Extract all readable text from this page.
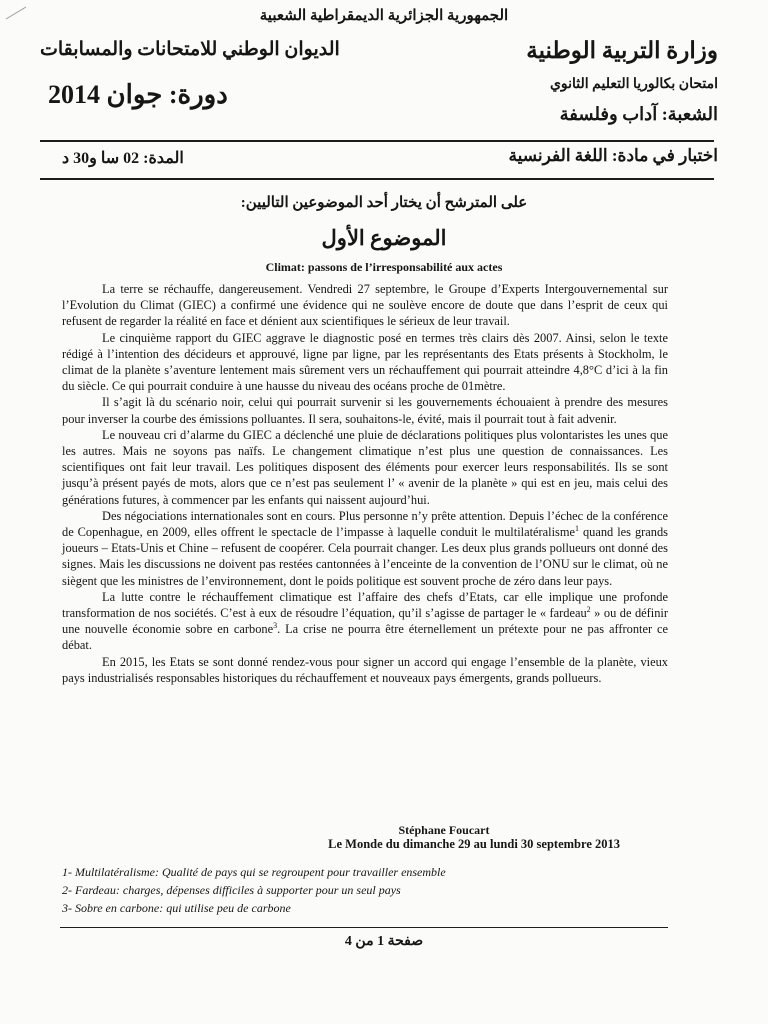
الجمهورية الجزائرية الديمقراطية الشعبية
وزارة التربية الوطنية
الديوان الوطني للامتحانات والمسابقات
امتحان بكالوريا التعليم الثانوي
دورة: جوان 2014
الشعبة: آداب وفلسفة
اختبار في مادة: اللغة الفرنسية
المدة: 02 سا و30 د
على المترشح أن يختار أحد الموضوعين التاليين:
الموضوع الأول
Climat: passons de l’irresponsabilité aux actes

La terre se réchauffe, dangereusement. Vendredi 27 septembre, le Groupe d’Experts Intergouvernemental sur l’Evolution du Climat (GIEC) a confirmé une évidence qui ne soulève encore de doute que dans l’esprit de ceux qui refusent de regarder la réalité en face et dénient aux scientifiques le sérieux de leur travail.

Le cinquième rapport du GIEC aggrave le diagnostic posé en termes très clairs dès 2007. Ainsi, selon le texte rédigé à l’intention des décideurs et approuvé, ligne par ligne, par les représentants des Etats présents à Stockholm, le climat de la planète s’aventure lentement mais sûrement vers un réchauffement qui pourrait atteindre 4,8°C d’ici à la fin du siècle. Ce qui pourrait conduire à une hausse du niveau des océans proche de 01mètre.

Il s’agit là du scénario noir, celui qui pourrait survenir si les gouvernements échouaient à prendre des mesures pour inverser la courbe des émissions polluantes. Il sera, souhaitons-le, évité, mais il pourrait tout à fait advenir.

Le nouveau cri d’alarme du GIEC a déclenché une pluie de déclarations politiques plus volontaristes les unes que les autres. Mais ne soyons pas naïfs. Le changement climatique n’est plus une question de connaissances. Les scientifiques ont fait leur travail. Les politiques disposent des éléments pour exercer leurs responsabilités. Ils se sont jusqu’à présent payés de mots, alors que ce n’est pas seulement l’ « avenir de la planète » qui est en jeu, mais celui des générations futures, à commencer par les enfants qui naissent aujourd’hui.

Des négociations internationales sont en cours. Plus personne n’y prête attention. Depuis l’échec de la conférence de Copenhague, en 2009, elles offrent le spectacle de l’impasse à laquelle conduit le multilatéralisme$^1$ quand les grands joueurs – Etats-Unis et Chine – refusent de coopérer. Cela pourrait changer. Les deux plus grands pollueurs ont donné des signes. Mais les discussions ne doivent pas restées cantonnées à l’enceinte de la convention de l’ONU sur le climat, où ne siègent que les ministres de l’environnement, dont le poids politique est souvent proche de zéro dans leur pays.

La lutte contre le réchauffement climatique est l’affaire des chefs d’Etats, car elle implique une profonde transformation de nos sociétés. C’est à eux de résoudre l’équation, qu’il s’agisse de partager le « fardeau$^2$ » ou de définir une nouvelle économie sobre en carbone$^3$. La crise ne pourra être éternellement un prétexte pour ne pas affronter ce débat.

En 2015, les Etats se sont donné rendez-vous pour signer un accord qui engage l’ensemble de la planète, vieux pays industrialisés responsables historiques du réchauffement et nouveaux pays émergents, grands pollueurs.

Stéphane Foucart
Le Monde du dimanche 29 au lundi 30 septembre 2013
1- Multilatéralisme: Qualité de pays qui se regroupent pour travailler ensemble
2- Fardeau: charges, dépenses difficiles à supporter pour un seul pays
3- Sobre en carbone: qui utilise peu de carbone
صفحة 1 من 4
